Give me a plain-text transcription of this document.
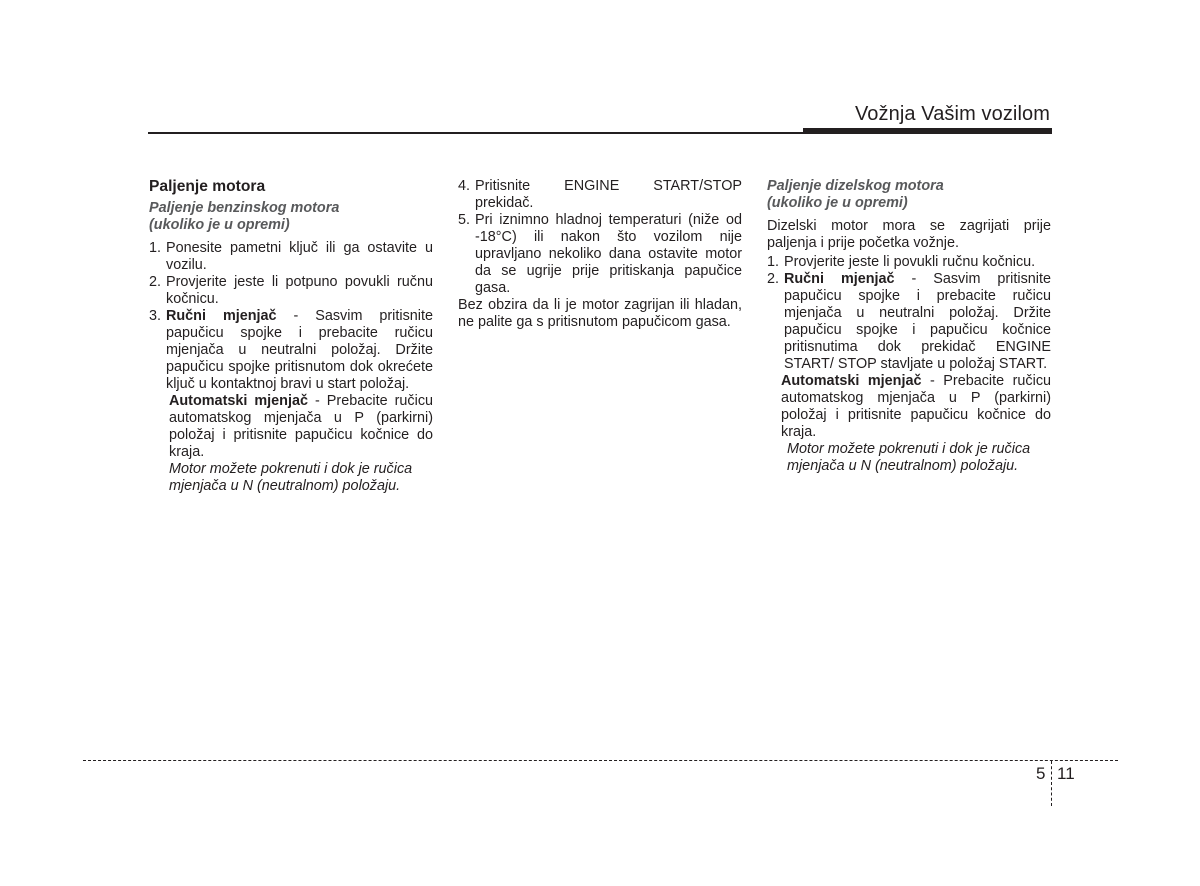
Vožnja Vašim vozilom
Paljenje motora
Paljenje benzinskog motora
(ukoliko je u opremi)
1. Ponesite pametni ključ ili ga ostavite u vozilu.
2. Provjerite jeste li potpuno povukli ručnu kočnicu.
3. Ručni mjenjač - Sasvim pritisnite papučicu spojke i prebacite ručicu mjenjača u neutralni položaj. Držite papučicu spojke pritisnutom dok okrećete ključ u kontaktnoj bravi u start položaj.

Automatski mjenjač - Prebacite ručicu automatskog mjenjača u P (parkirni) položaj i pritisnite papučicu kočnice do kraja.

Motor možete pokrenuti i dok je ručica mjenjača u N (neutralnom) položaju.

4. Pritisnite ENGINE START/STOP prekidač.
5. Pri iznimno hladnoj temperaturi (niže od -18°C) ili nakon što vozilom nije upravljano nekoliko dana ostavite motor da se ugrije prije pritiskanja papučice gasa.

Bez obzira da li je motor zagrijan ili hladan, ne palite ga s pritisnutom papučicom gasa.

Paljenje dizelskog motora
(ukoliko je u opremi)

Dizelski motor mora se zagrijati prije paljenja i prije početka vožnje.

1. Provjerite jeste li povukli ručnu kočnicu.
2. Ručni mjenjač - Sasvim pritisnite papučicu spojke i prebacite ručicu mjenjača u neutralni položaj. Držite papučicu spojke i papučicu kočnice pritisnutima dok prekidač ENGINE START/ STOP stavljate u položaj START.

Automatski mjenjač - Prebacite ručicu automatskog mjenjača u P (parkirni) položaj i pritisnite papučicu kočnice do kraja.

Motor možete pokrenuti i dok je ručica mjenjača u N (neutralnom) položaju.

5 11
